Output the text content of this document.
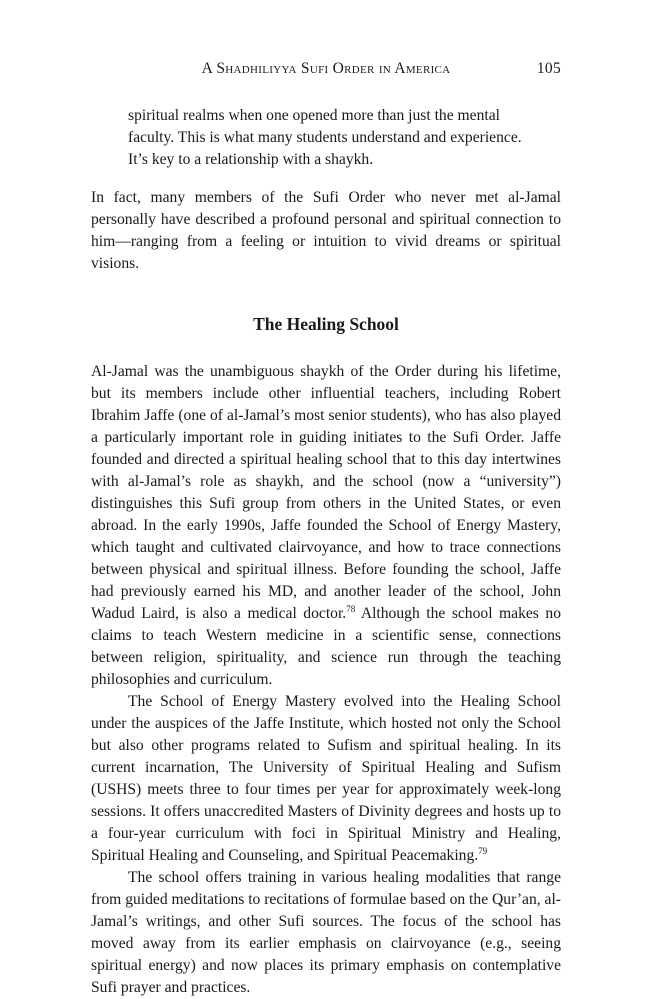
A Shadhiliyya Sufi Order in America	105
spiritual realms when one opened more than just the mental
faculty. This is what many students understand and experience.
It’s key to a relationship with a shaykh.

In fact, many members of the Sufi Order who never met al-Jamal personally have described a profound personal and spiritual connection to him—ranging from a feeling or intuition to vivid dreams or spiritual visions.

The Healing School

Al-Jamal was the unambiguous shaykh of the Order during his lifetime, but its members include other influential teachers, including Robert Ibrahim Jaffe (one of al-Jamal’s most senior students), who has also played a particularly important role in guiding initiates to the Sufi Order. Jaffe founded and directed a spiritual healing school that to this day intertwines with al-Jamal’s role as shaykh, and the school (now a “university”) distinguishes this Sufi group from others in the United States, or even abroad. In the early 1990s, Jaffe founded the School of Energy Mastery, which taught and cultivated clairvoyance, and how to trace connections between physical and spiritual illness. Before founding the school, Jaffe had previously earned his MD, and another leader of the school, John Wadud Laird, is also a medical doctor.$^{78}$ Although the school makes no claims to teach Western medicine in a scientific sense, connections between religion, spirituality, and science run through the teaching philosophies and curriculum.

The School of Energy Mastery evolved into the Healing School under the auspices of the Jaffe Institute, which hosted not only the School but also other programs related to Sufism and spiritual healing. In its current incarnation, The University of Spiritual Healing and Sufism (USHS) meets three to four times per year for approximately week-long sessions. It offers unaccredited Masters of Divinity degrees and hosts up to a four-year curriculum with foci in Spiritual Ministry and Healing, Spiritual Healing and Counseling, and Spiritual Peacemaking.$^{79}$

The school offers training in various healing modalities that range from guided meditations to recitations of formulae based on the Qur’an, al-Jamal’s writings, and other Sufi sources. The focus of the school has moved away from its earlier emphasis on clairvoyance (e.g., seeing spiritual energy) and now places its primary emphasis on contemplative Sufi prayer and practices.
